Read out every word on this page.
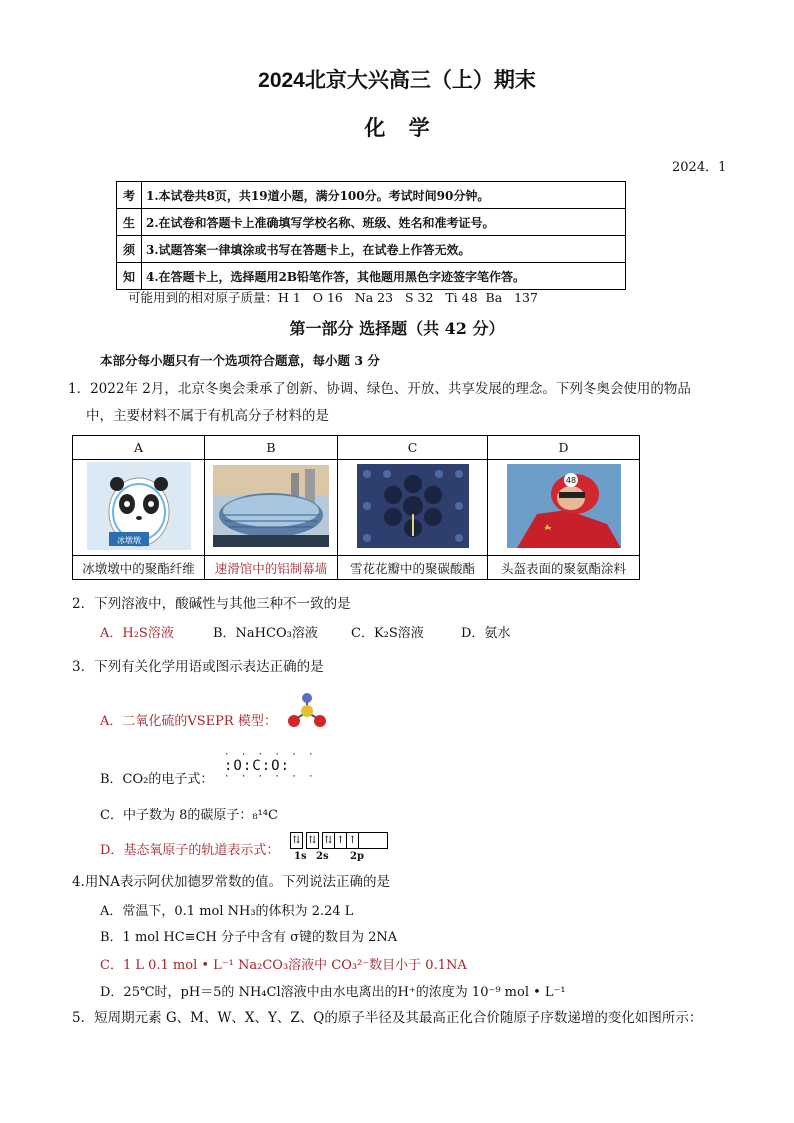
2024北京大兴高三（上）期末
化    学
2024．1
考	1.本试卷共8页，共19道小题，满分100分。考试时间90分钟。
生	2.在试卷和答题卡上准确填写学校名称、班级、姓名和准考证号。
须	3.试题答案一律填涂或书写在答题卡上，在试卷上作答无效。
知	4.在答题卡上，选择题用2B铅笔作答，其他题用黑色字迹签字笔作答。
可能用到的相对原子质量：H 1   O 16   Na 23   S 32   Ti 48  Ba   137
第一部分 选择题（共 42 分）
本部分每小题只有一个选项符合题意，每小题 3 分
1．2022年 2月，北京冬奥会秉承了创新、协调、绿色、开放、共享发展的理念。下列冬奥会使用的物品
中，主要材料不属于有机高分子材料的是
A	B	C	D

冰墩墩			48

冰墩墩中的聚酯纤维	速滑馆中的铝制幕墙	雪花花瓣中的聚碳酸酯	头盔表面的聚氨酯涂料
2．下列溶液中，酸碱性与其他三种不一致的是
A．H₂S溶液	B．NaHCO₃溶液	C．K₂S溶液	D．氨水
3．下列有关化学用语或图示表达正确的是
A．二氧化硫的VSEPR 模型：
B．CO₂的电子式：
· · · · · ·
:O:C:O:
· · · · · ·
C．中子数为 8的碳原子：₈¹⁴C
D．基态氧原子的轨道表示式：
⇅ ⇅ ⇅ ↑ ↑
1s 2s 2p
4.用NA表示阿伏加德罗常数的值。下列说法正确的是
A．常温下，0.1 mol NH₃的体积为 2.24 L
B．1 mol HC≡CH 分子中含有 σ键的数目为 2NA
C．1 L 0.1 mol • L⁻¹ Na₂CO₃溶液中 CO₃²⁻数目小于 0.1NA
D．25℃时，pH＝5的 NH₄Cl溶液中由水电离出的H⁺的浓度为 10⁻⁹ mol • L⁻¹
5．短周期元素 G、M、W、X、Y、Z、Q的原子半径及其最高正化合价随原子序数递增的变化如图所示：
